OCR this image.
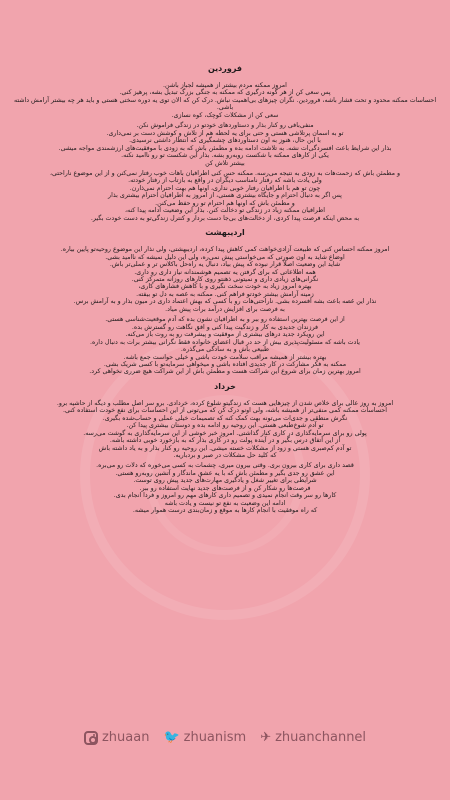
فروردین
امروز ممکنه مردم بیشتر از همیشه لجباز باشن.
پس سعی کن از هر گونه درگیری که ممکنه به جنگی بزرگ تبدیل بشه، پرهیز کنی.
احساسات ممکنه محدود و تحت فشار باشه، فروردین. نگران چیزهای بی‌اهمیت نباش. درک کن که الان توی یه دوره سختی هستی و باید هر چه بیشتر آرامش داشته باشی.
سعی کن از مشکلات کوچک، کوه نسازی.
منفی‌بافی رو کنار بذار و دستاوردهای خودتو در زندگی فراموش نکن.
تو به اسمان پرتلاشی هستی و حتی برای یه لحظه هم از تلاش و کوشش دست بر نمی‌داری.
با این حال، هنوز به اون دستاوردهای چشمگیری که انتظار داشتی نرسیدی.
بذار این شرایط باعث افسردگی‌ات نشه. به تلاشت ادامه بده و مطمئن باش که به زودی با موفقیت‌های ارزشمندی مواجه میشی.
یکی از کارهای ممکنه با شکست روبه‌رو بشه. بذار این شکست تو رو ناامید نکنه.
بیشتر تلاش کن
و مطمئن باش که زحمت‌هات به زودی به نتیجه می‌رسه. ممکنه حس کنی اطرافیان باهات خوب رفتار نمی‌کنن و از این موضوع ناراحتی،
ولی یادت باشه که رفتار نامناسب دیگران در واقع به بازتاب از رفتار خودته.
چون تو هم با اطرافیان رفتار خوبی نداری، اونها هم بهت احترام نمی‌ذارن.
پس اگر به دنبال احترام و جایگاه بیشتری هستی، از امروز به اطرافیان احترام بیشتری بذار
و مطمئن باش که اونها هم احترام تو رو حفظ می‌کنن.
اطرافیان ممکنه زیاد در زندگی تو دخالت کنن. بذار این وضعیت ادامه پیدا کنه،
به محض اینکه فرصت پیدا کردی، از دخالت‌های بی‌جا دست بردار و کنترل زندگی‌تو به دست خودت بگیر.
اردیبهشت
امروز ممکنه احساس کنی که طبیعت آزادی‌خواهت کمی کاهش پیدا کرده، اردیبهشتی، ولی نذار این موضوع روحیه‌تو پایین بیاره.
اوضاع شاید به اون صورتی که می‌خواستی پیش نمی‌ره، ولی این دلیل نمیشه که ناامید بشی.
شاید این وضعیت اصلاً قرار نبوده که پیش بیاد، دنبال یه راه‌حل باکلاس تر و عملی‌تر باش.
همه اطلاعاتی که برای گرفتن یه تصمیم هوشمندانه نیاز داری رو داری.
نگرانی‌های زیادی داری و نمیتونی ذهنتو روی کارهای روزانه متمرکز کنی.
بهتره امروز زیاد به خودت سخت نگیری و با کاهش فشارهای کاری،
زمینه آرامش بیشتر خودتو فراهم کنی. ممکنه به غصه به دل تو بیفته.
نذار این غصه باعث بشه افسرده بشی. ناراحتی‌هات رو با کسی که بهش اعتماد داری در میون بذار و به آرامش برس.
به فرصت برای افزایش درآمد برات پیش میاد.
از این فرصت بهترین استفاده رو ببر و به اطرافیان نشون بده که آدم موقعیت‌شناسی هستی.
فرزندان جدیدی به کار و زندگیت پیدا کنی و افق نگاهت رو گسترش بده.
این رویکرد جدید درهای بیشتری از موفقیت و پیشرفت رو به روت باز می‌کنه.
یادت باشه که مسئولیت‌پذیری بیش از حد در قبال اعضای خانواده فقط نگرانی بیشتر برات به دنبال داره.
طبیعی باش و به سادگی می‌گذره.
بهتره بیشتر از همیشه مراقب سلامت خودت باشی و خیلی حواست جمع باشه.
ممکنه به فکر مشارکت در کار جدیدی افتاده باشی و میخواهی سرمایه‌تو با کسی شریک بشی.
امروز بهترین زمان برای شروع این شراکت هست و مطمئن باش از این شراکت هیچ ضرری نخواهی کرد.
خرداد
امروز به روز عالی برای خلاص شدن از چیزهایی هست که زندگیتو شلوغ کرده، خردادی. برو سر اصل مطلب و دیگه از حاشیه برو.
احساسات ممکنه کمی منفی‌تر از همیشه باشه، ولی اونو درک کن که می‌تونی از این احساسات برای نفع خودت استفاده کنی.
نگرش منطقی و جدی‌ات می‌تونه بهت کمک کنه که تصمیمات خیلی عملی و حساب‌شده بگیری.
تو آدم شوخ‌طبعی هستی. این روحیه رو ادامه بده و دوستان بیشتری پیدا کن.
پولی رو برای سرمایه‌گذاری در کاری کنار گذاشتی. امروز خبر خوشی از این سرمایه‌گذاری به گوشت می‌رسه.
از این اتفاق درس بگیر و در آینده پولت رو در کاری بذار که به بازخورد خوبی داشته باشه.
تو آدم کم‌صبری هستی و زود از مشکلات خسته میشی. این روحیه رو کنار بذار و به یاد داشته باش
که کلید حل مشکلات در صبر و بردباریه.
قصد داری برای کاری بیرون بری. وقتی بیرون میری، چشمات به کسی می‌خوره که دلات رو می‌بره.
این عشق رو جدی بگیر و مطمئن باش که با یه عشق ماندگار و آتشین روبه‌رو هستی.
شرایطی برای تغییر شغل و یادگیری مهارت‌های جدید پیش روی توست.
فرصت‌ها رو شکار کن و از فرصت‌های جدید نهایت استفاده رو ببر.
کارها رو سر وقت انجام نمیدی و تصمیم داری کارهای مهم رو امروز و فردا انجام بدی.
ادامه این وضعیت به نفع تو نیست و یادت باشه
که راه موفقیت با انجام کارها به موقع و زمان‌بندی درست هموار میشه.
zhuaan 🐦 zhuanism ✈ zhuanchannel
